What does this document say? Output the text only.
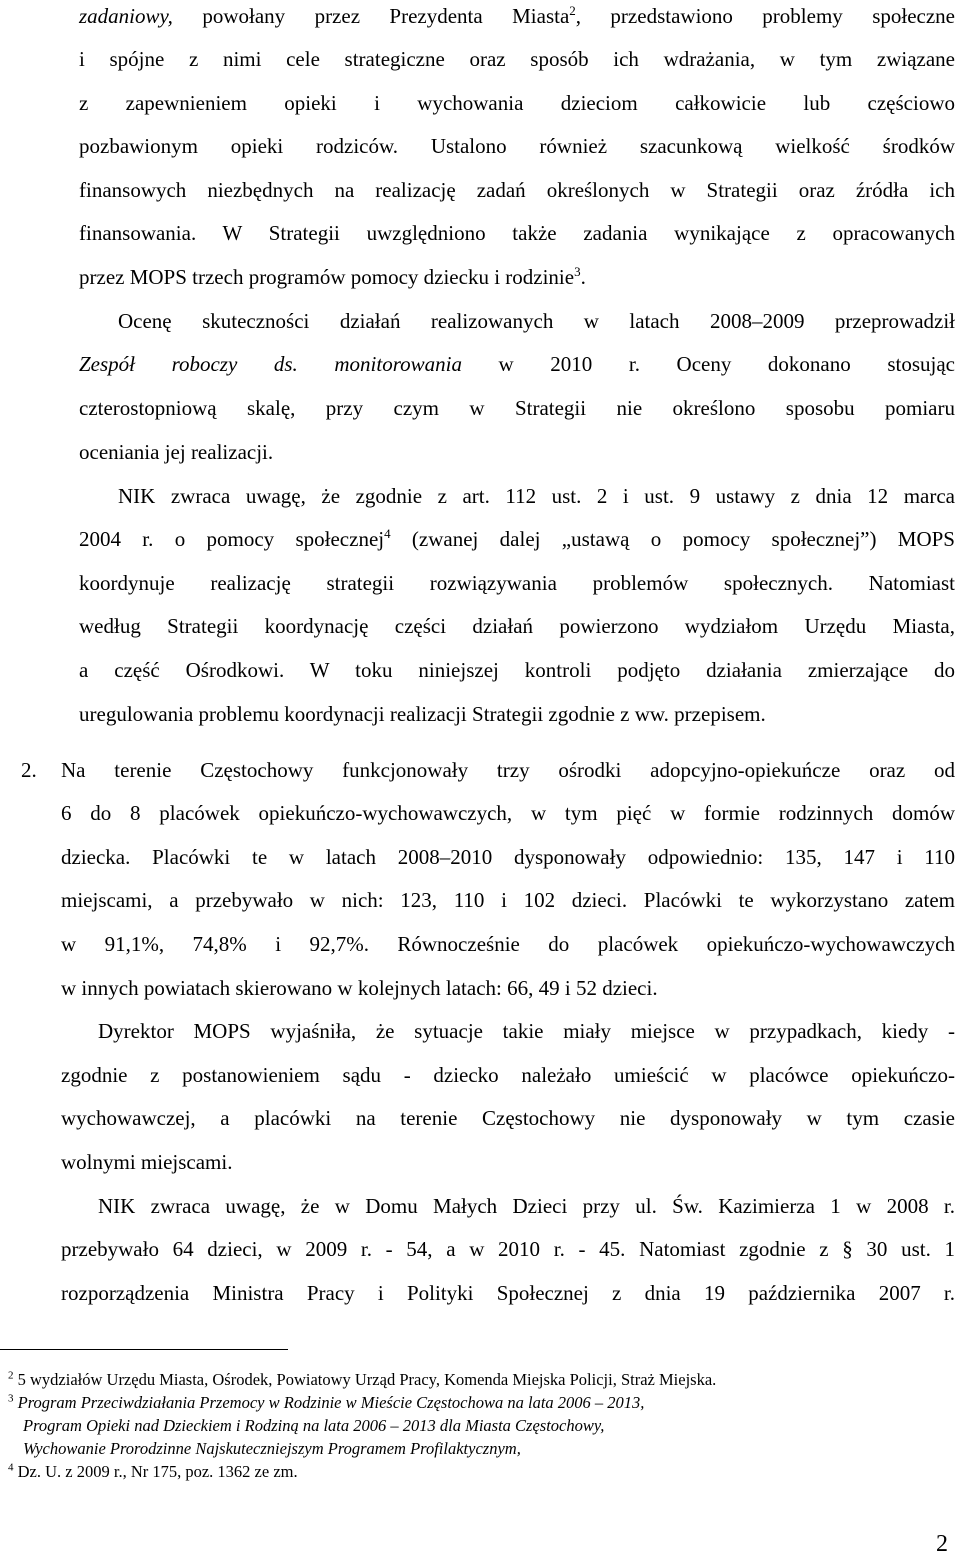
zadaniowy, powołany przez Prezydenta Miasta$^2$, przedstawiono problemy społeczne

i spójne z nimi cele strategiczne oraz sposób ich wdrażania, w tym związane

z zapewnieniem opieki i wychowania dzieciom całkowicie lub częściowo

pozbawionym opieki rodziców. Ustalono również szacunkową wielkość środków

finansowych niezbędnych na realizację zadań określonych w Strategii oraz źródła ich

finansowania. W Strategii uwzględniono także zadania wynikające z opracowanych

przez MOPS trzech programów pomocy dziecku i rodzinie$^3$.

Ocenę skuteczności działań realizowanych w latach 2008–2009 przeprowadził

Zespół roboczy ds. monitorowania w 2010 r. Oceny dokonano stosując

czterostopniową skalę, przy czym w Strategii nie określono sposobu pomiaru

oceniania jej realizacji.

NIK zwraca uwagę, że zgodnie z art. 112 ust. 2 i ust. 9 ustawy z dnia 12 marca

2004 r. o pomocy społecznej$^4$ (zwanej dalej „ustawą o pomocy społecznej”) MOPS

koordynuje realizację strategii rozwiązywania problemów społecznych. Natomiast

według Strategii koordynację części działań powierzono wydziałom Urzędu Miasta,

a część Ośrodkowi. W toku niniejszej kontroli podjęto działania zmierzające do

uregulowania problemu koordynacji realizacji Strategii zgodnie z ww. przepisem.

2. Na terenie Częstochowy funkcjonowały trzy ośrodki adopcyjno-opiekuńcze oraz od

6 do 8 placówek opiekuńczo-wychowawczych, w tym pięć w formie rodzinnych domów

dziecka. Placówki te w latach 2008–2010 dysponowały odpowiednio: 135, 147 i 110

miejscami, a przebywało w nich: 123, 110 i 102 dzieci. Placówki te wykorzystano zatem

w 91,1%, 74,8% i 92,7%. Równocześnie do placówek opiekuńczo-wychowawczych

w innych powiatach skierowano w kolejnych latach: 66, 49 i 52 dzieci.

Dyrektor MOPS wyjaśniła, że sytuacje takie miały miejsce w przypadkach, kiedy -

zgodnie z postanowieniem sądu - dziecko należało umieścić w placówce opiekuńczo-

wychowawczej, a placówki na terenie Częstochowy nie dysponowały w tym czasie

wolnymi miejscami.

NIK zwraca uwagę, że w Domu Małych Dzieci przy ul. Św. Kazimierza 1 w 2008 r.

przebywało 64 dzieci, w 2009 r. - 54, a w 2010 r. - 45. Natomiast zgodnie z § 30 ust. 1

rozporządzenia Ministra Pracy i Polityki Społecznej z dnia 19 października 2007 r.

$^2$ 5 wydziałów Urzędu Miasta, Ośrodek, Powiatowy Urząd Pracy, Komenda Miejska Policji, Straż Miejska.
$^3$ Program Przeciwdziałania Przemocy w Rodzinie w Mieście Częstochowa na lata 2006 – 2013,
Program Opieki nad Dzieckiem i Rodziną na lata 2006 – 2013 dla Miasta Częstochowy,
Wychowanie Prorodzinne Najskuteczniejszym Programem Profilaktycznym,
$^4$ Dz. U. z 2009 r., Nr 175, poz. 1362 ze zm.
2
